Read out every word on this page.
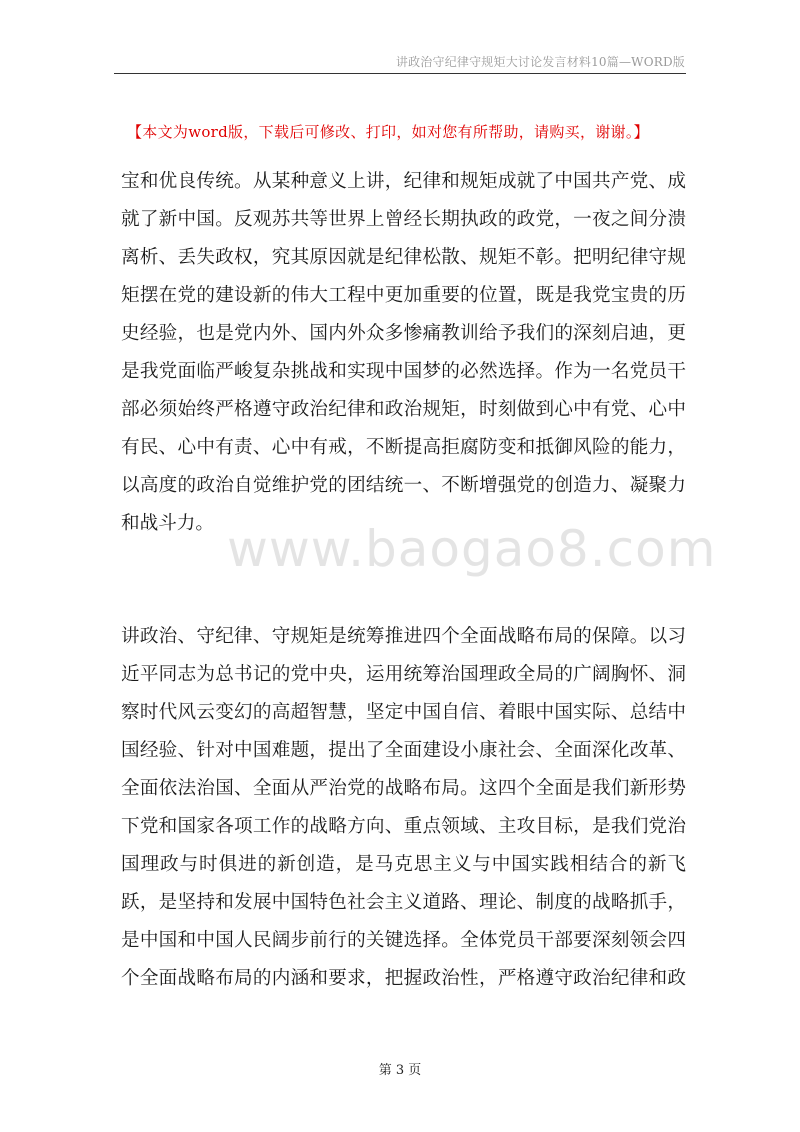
讲政治守纪律守规矩大讨论发言材料10篇—WORD版
【本文为word版，下载后可修改、打印，如对您有所帮助，请购买，谢谢。】
宝和优良传统。从某种意义上讲，纪律和规矩成就了中国共产党、成
就了新中国。反观苏共等世界上曾经长期执政的政党，一夜之间分溃
离析、丢失政权，究其原因就是纪律松散、规矩不彰。把明纪律守规
矩摆在党的建设新的伟大工程中更加重要的位置，既是我党宝贵的历
史经验，也是党内外、国内外众多惨痛教训给予我们的深刻启迪，更
是我党面临严峻复杂挑战和实现中国梦的必然选择。作为一名党员干
部必须始终严格遵守政治纪律和政治规矩，时刻做到心中有党、心中
有民、心中有责、心中有戒，不断提高拒腐防变和抵御风险的能力，
以高度的政治自觉维护党的团结统一、不断增强党的创造力、凝聚力
和战斗力。 www.baogao8.com
讲政治、守纪律、守规矩是统筹推进四个全面战略布局的保障。以习
近平同志为总书记的党中央，运用统筹治国理政全局的广阔胸怀、洞
察时代风云变幻的高超智慧，坚定中国自信、着眼中国实际、总结中
国经验、针对中国难题，提出了全面建设小康社会、全面深化改革、
全面依法治国、全面从严治党的战略布局。这四个全面是我们新形势
下党和国家各项工作的战略方向、重点领域、主攻目标，是我们党治
国理政与时俱进的新创造，是马克思主义与中国实践相结合的新飞
跃，是坚持和发展中国特色社会主义道路、理论、制度的战略抓手，
是中国和中国人民阔步前行的关键选择。全体党员干部要深刻领会四
个全面战略布局的内涵和要求，把握政治性，严格遵守政治纪律和政
第 3 页
